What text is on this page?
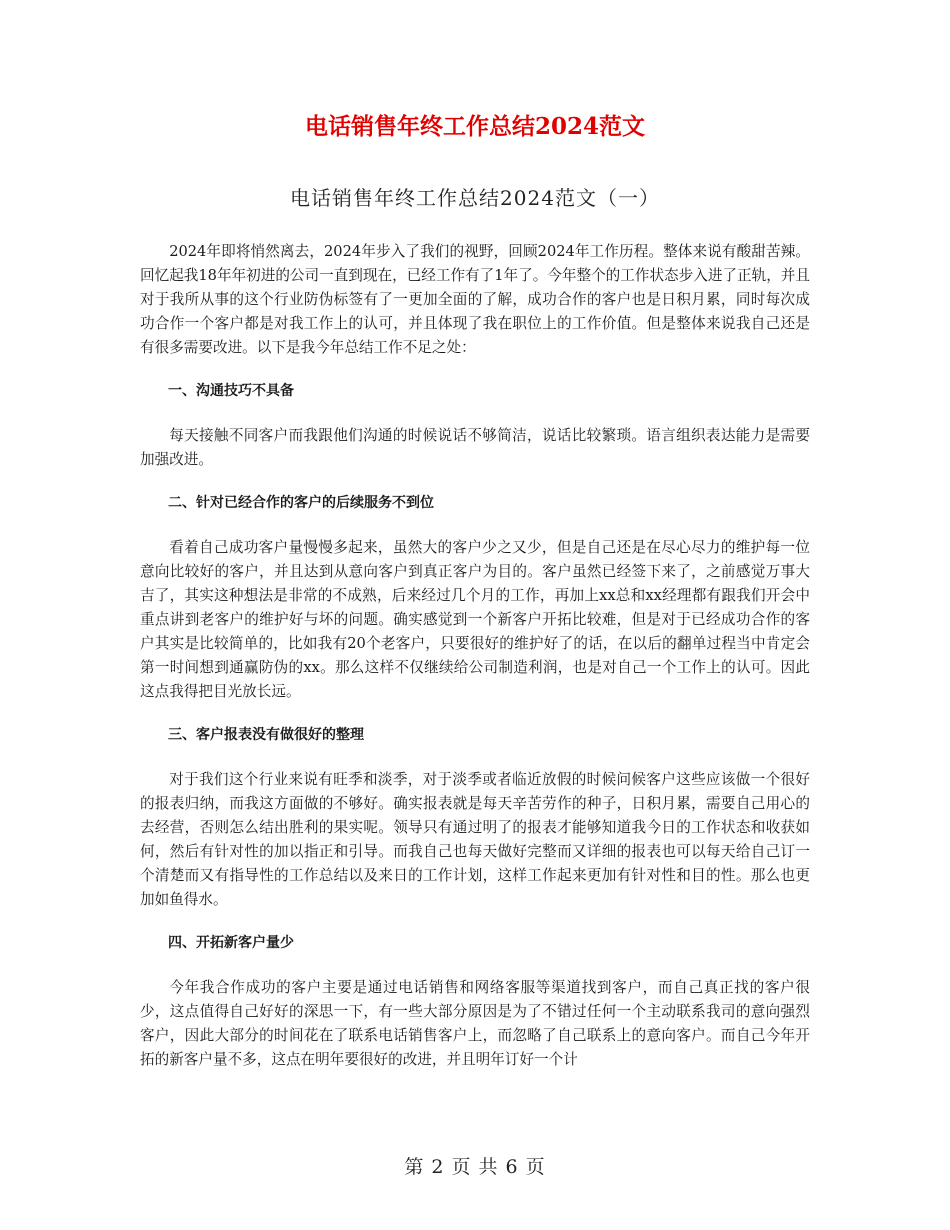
电话销售年终工作总结2024范文
电话销售年终工作总结2024范文（一）

2024年即将悄然离去，2024年步入了我们的视野，回顾2024年工作历程。整体来说有酸甜苦辣。回忆起我18年年初进的公司一直到现在，已经工作有了1年了。今年整个的工作状态步入进了正轨，并且对于我所从事的这个行业防伪标签有了一更加全面的了解，成功合作的客户也是日积月累，同时每次成功合作一个客户都是对我工作上的认可，并且体现了我在职位上的工作价值。但是整体来说我自己还是有很多需要改进。以下是我今年总结工作不足之处：

一、沟通技巧不具备

每天接触不同客户而我跟他们沟通的时候说话不够简洁，说话比较繁琐。语言组织表达能力是需要加强改进。

二、针对已经合作的客户的后续服务不到位

看着自己成功客户量慢慢多起来，虽然大的客户少之又少，但是自己还是在尽心尽力的维护每一位意向比较好的客户，并且达到从意向客户到真正客户为目的。客户虽然已经签下来了，之前感觉万事大吉了，其实这种想法是非常的不成熟，后来经过几个月的工作，再加上xx总和xx经理都有跟我们开会中重点讲到老客户的维护好与坏的问题。确实感觉到一个新客户开拓比较难，但是对于已经成功合作的客户其实是比较简单的，比如我有20个老客户，只要很好的维护好了的话，在以后的翻单过程当中肯定会第一时间想到通赢防伪的xx。那么这样不仅继续给公司制造利润，也是对自己一个工作上的认可。因此这点我得把目光放长远。

三、客户报表没有做很好的整理

对于我们这个行业来说有旺季和淡季，对于淡季或者临近放假的时候问候客户这些应该做一个很好的报表归纳，而我这方面做的不够好。确实报表就是每天辛苦劳作的种子，日积月累，需要自己用心的去经营，否则怎么结出胜利的果实呢。领导只有通过明了的报表才能够知道我今日的工作状态和收获如何，然后有针对性的加以指正和引导。而我自己也每天做好完整而又详细的报表也可以每天给自己订一个清楚而又有指导性的工作总结以及来日的工作计划，这样工作起来更加有针对性和目的性。那么也更加如鱼得水。

四、开拓新客户量少

今年我合作成功的客户主要是通过电话销售和网络客服等渠道找到客户，而自己真正找的客户很少，这点值得自己好好的深思一下，有一些大部分原因是为了不错过任何一个主动联系我司的意向强烈客户，因此大部分的时间花在了联系电话销售客户上，而忽略了自己联系上的意向客户。而自己今年开拓的新客户量不多，这点在明年要很好的改进，并且明年订好一个计

第 2 页 共 6 页
